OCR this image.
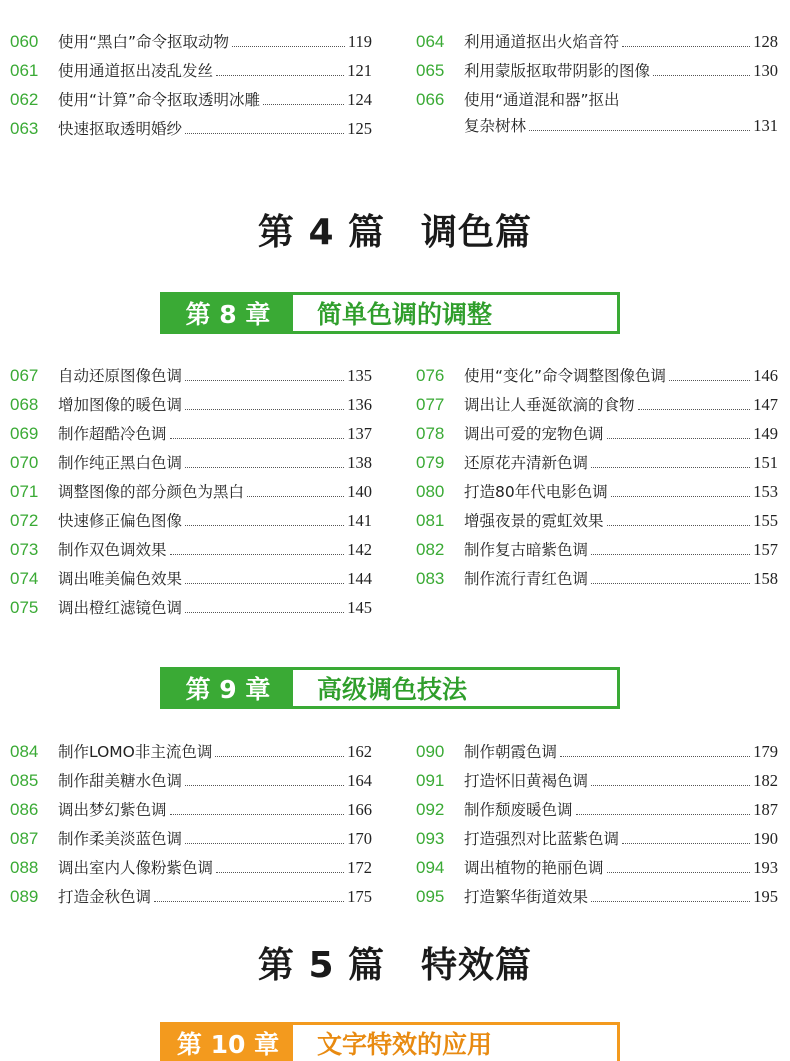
060	使用“黑白”命令抠取动物	119
061	使用通道抠出凌乱发丝	121
062	使用“计算”命令抠取透明冰雕	124
063	快速抠取透明婚纱	125
064	利用通道抠出火焰音符	128
065	利用蒙版抠取带阴影的图像	130
066	使用“通道混和器”抠出
复杂树林	131
第 4 篇 调色篇
第 8 章	简单色调的调整
067	自动还原图像色调	135
068	增加图像的暖色调	136
069	制作超酷冷色调	137
070	制作纯正黑白色调	138
071	调整图像的部分颜色为黑白	140
072	快速修正偏色图像	141
073	制作双色调效果	142
074	调出唯美偏色效果	144
075	调出橙红滤镜色调	145
076	使用“变化”命令调整图像色调	146
077	调出让人垂涎欲滴的食物	147
078	调出可爱的宠物色调	149
079	还原花卉清新色调	151
080	打造80年代电影色调	153
081	增强夜景的霓虹效果	155
082	制作复古暗紫色调	157
083	制作流行青红色调	158
第 9 章	高级调色技法
084	制作LOMO非主流色调	162
085	制作甜美糖水色调	164
086	调出梦幻紫色调	166
087	制作柔美淡蓝色调	170
088	调出室内人像粉紫色调	172
089	打造金秋色调	175
090	制作朝霞色调	179
091	打造怀旧黄褐色调	182
092	制作颓废暖色调	187
093	打造强烈对比蓝紫色调	190
094	调出植物的艳丽色调	193
095	打造繁华街道效果	195
第 5 篇 特效篇
第 10 章	文字特效的应用
